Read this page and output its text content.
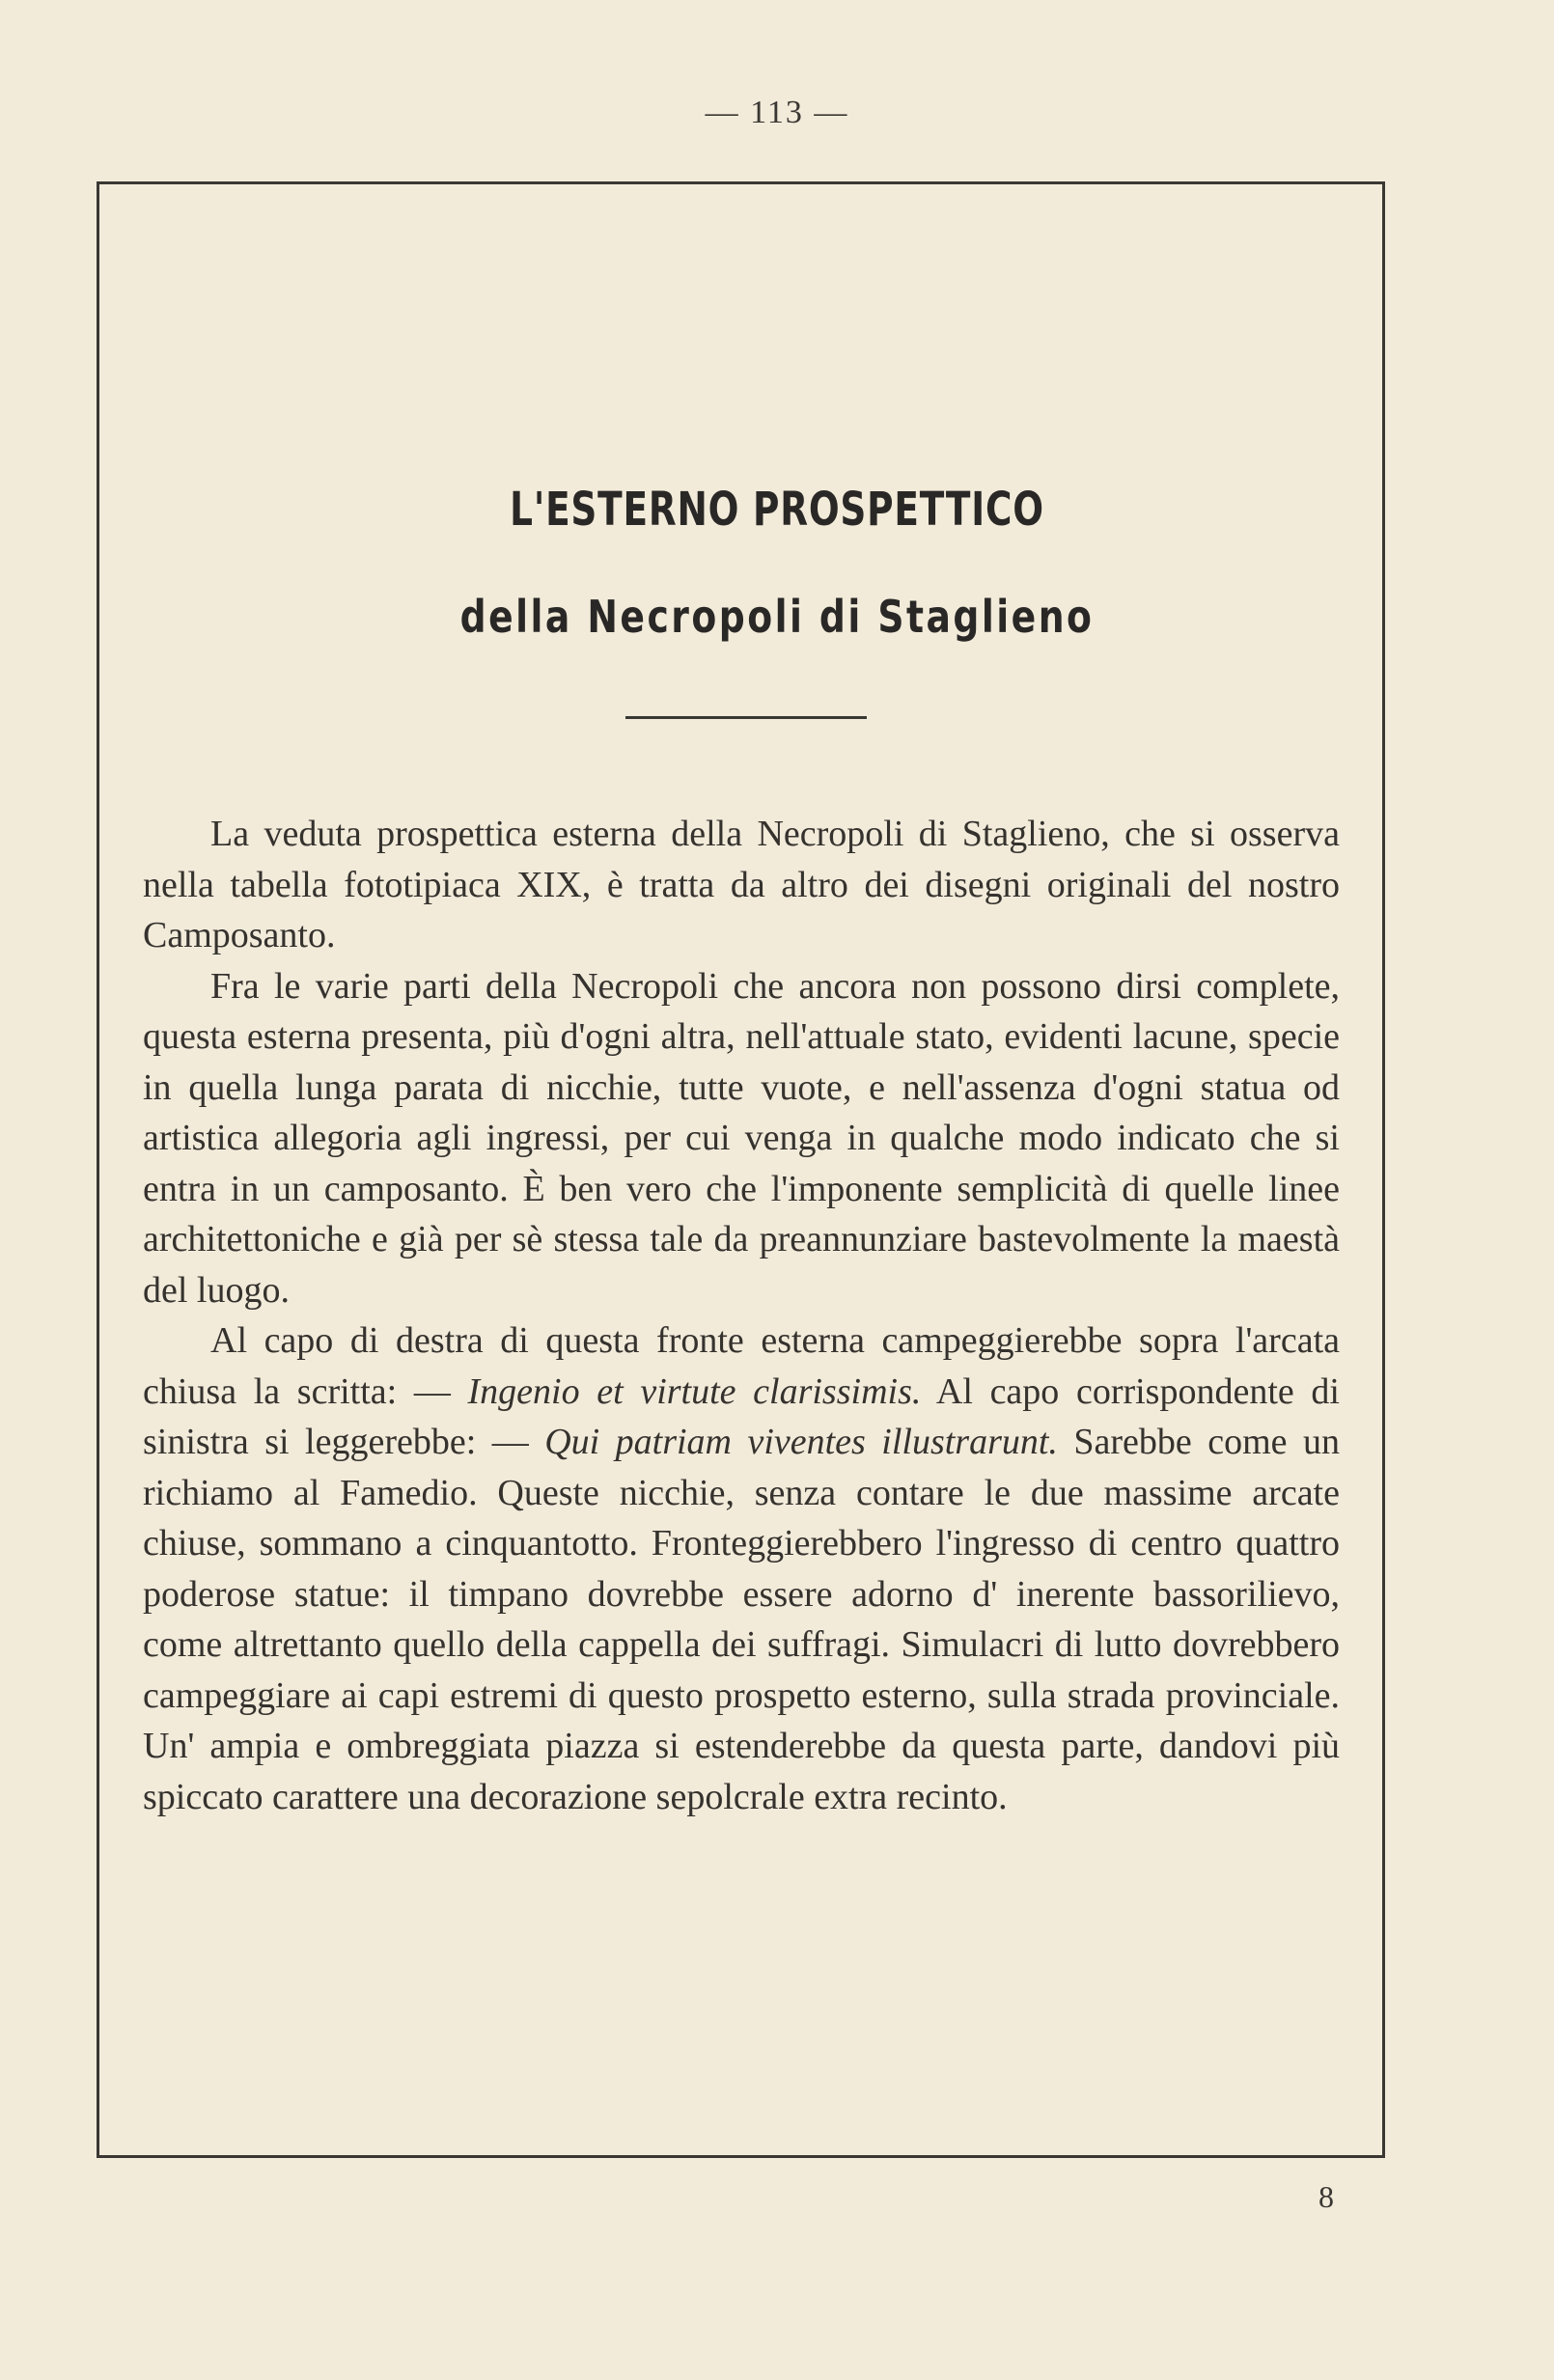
— 113 —
L'ESTERNO PROSPETTICO
della Necropoli di Staglieno

La veduta prospettica esterna della Necropoli di Staglieno, che si osserva nella tabella fototipiaca XIX, è tratta da altro dei disegni originali del nostro Camposanto.

Fra le varie parti della Necropoli che ancora non possono dirsi complete, questa esterna presenta, più d'ogni altra, nell'attuale stato, evidenti lacune, specie in quella lunga parata di nicchie, tutte vuote, e nell'assenza d'ogni statua od artistica allegoria agli ingressi, per cui venga in qualche modo indicato che si entra in un camposanto. È ben vero che l'imponente semplicità di quelle linee architettoniche e già per sè stessa tale da preannunziare bastevolmente la maestà del luogo.

Al capo di destra di questa fronte esterna campeggierebbe sopra l'arcata chiusa la scritta: — Ingenio et virtute clarissimis. Al capo corrispondente di sinistra si leggerebbe: — Qui patriam viventes illustrarunt. Sarebbe come un richiamo al Famedio. Queste nicchie, senza contare le due massime arcate chiuse, sommano a cinquantotto. Fronteggierebbero l'ingresso di centro quattro poderose statue: il timpano dovrebbe essere adorno d' inerente bassorilievo, come altrettanto quello della cappella dei suffragi. Simulacri di lutto dovrebbero campeggiare ai capi estremi di questo prospetto esterno, sulla strada provinciale. Un' ampia e ombreggiata piazza si estenderebbe da questa parte, dandovi più spiccato carattere una decorazione sepolcrale extra recinto.

8
